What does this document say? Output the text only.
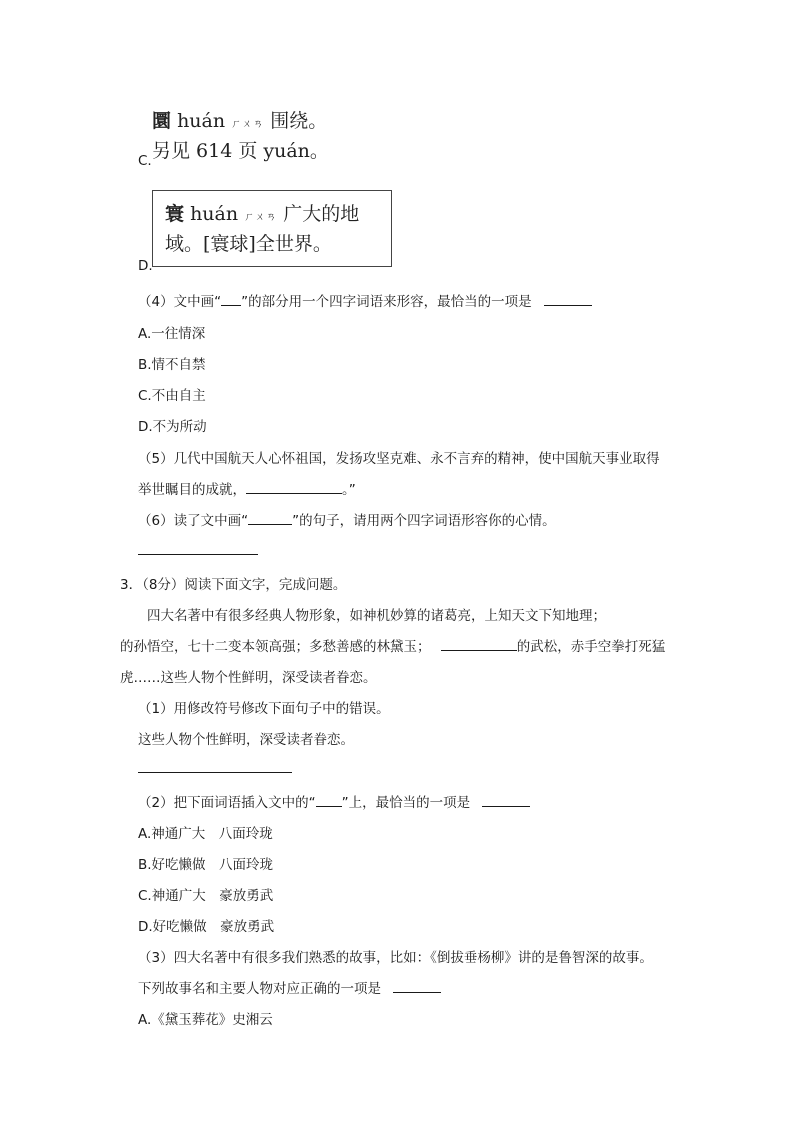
圜 huán ㄏㄨㄢ 围绕。
另见 614 页 yuán。
C.
寰 huán ㄏㄨㄢ 广大的地
域。[寰球]全世界。
D.
（4）文中画“ ”的部分用一个四字词语来形容，最恰当的一项是
A.一往情深
B.情不自禁
C.不由自主
D.不为所动
（5）几代中国航天人心怀祖国，发扬攻坚克难、永不言弃的精神，使中国航天事业取得
举世瞩目的成就，	。”
（6）读了文中画“	”的句子，请用两个四字词语形容你的心情。
3．（8分）阅读下面文字，完成问题。
四大名著中有很多经典人物形象，如神机妙算的诸葛亮，上知天文下知地理；
的孙悟空，七十二变本领高强；多愁善感的林黛玉；	的武松，赤手空拳打死猛
虎……这些人物个性鲜明，深受读者眷恋。
（1）用修改符号修改下面句子中的错误。
这些人物个性鲜明，深受读者眷恋。
（2）把下面词语插入文中的“ ”上，最恰当的一项是
A.神通广大　八面玲珑
B.好吃懒做　八面玲珑
C.神通广大　豪放勇武
D.好吃懒做　豪放勇武
（3）四大名著中有很多我们熟悉的故事，比如：《倒拔垂杨柳》讲的是鲁智深的故事。
下列故事名和主要人物对应正确的一项是
A.《黛玉葬花》史湘云
